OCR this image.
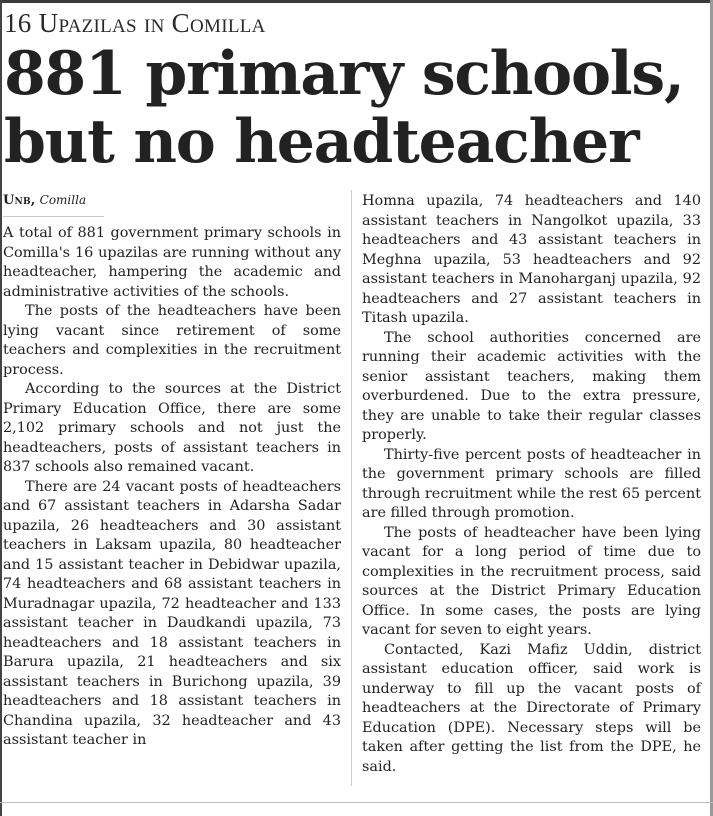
16 Upazilas in Comilla
881 primary schools,
but no headteacher
Unb, Comilla

A total of 881 government primary schools in Comilla's 16 upazilas are running without any headteacher, hampering the academic and administrative activities of the schools.

The posts of the headteachers have been lying vacant since retirement of some teachers and complexities in the recruitment process.

According to the sources at the District Primary Education Office, there are some 2,102 primary schools and not just the headteachers, posts of assistant teachers in 837 schools also remained vacant.

There are 24 vacant posts of headteachers and 67 assistant teachers in Adarsha Sadar upazila, 26 headteachers and 30 assistant teachers in Laksam upazila, 80 headteacher and 15 assistant teacher in Debidwar upazila, 74 headteachers and 68 assistant teachers in Muradnagar upazila, 72 headteacher and 133 assistant teacher in Daudkandi upazila, 73 headteachers and 18 assistant teachers in Barura upazila, 21 headteachers and six assistant teachers in Burichong upazila, 39 headteachers and 18 assistant teachers in Chandina upazila, 32 headteacher and 43 assistant teacher in

Homna upazila, 74 headteachers and 140 assistant teachers in Nangolkot upazila, 33 headteachers and 43 assistant teachers in Meghna upazila, 53 headteachers and 92 assistant teachers in Manoharganj upazila, 92 headteachers and 27 assistant teachers in Titash upazila.

The school authorities concerned are running their academic activities with the senior assistant teachers, making them overburdened. Due to the extra pressure, they are unable to take their regular classes properly.

Thirty-five percent posts of headteacher in the government primary schools are filled through recruitment while the rest 65 percent are filled through promotion.

The posts of headteacher have been lying vacant for a long period of time due to complexities in the recruitment process, said sources at the District Primary Education Office. In some cases, the posts are lying vacant for seven to eight years.

Contacted, Kazi Mafiz Uddin, district assistant education officer, said work is underway to fill up the vacant posts of headteachers at the Directorate of Primary Education (DPE). Necessary steps will be taken after getting the list from the DPE, he said.
